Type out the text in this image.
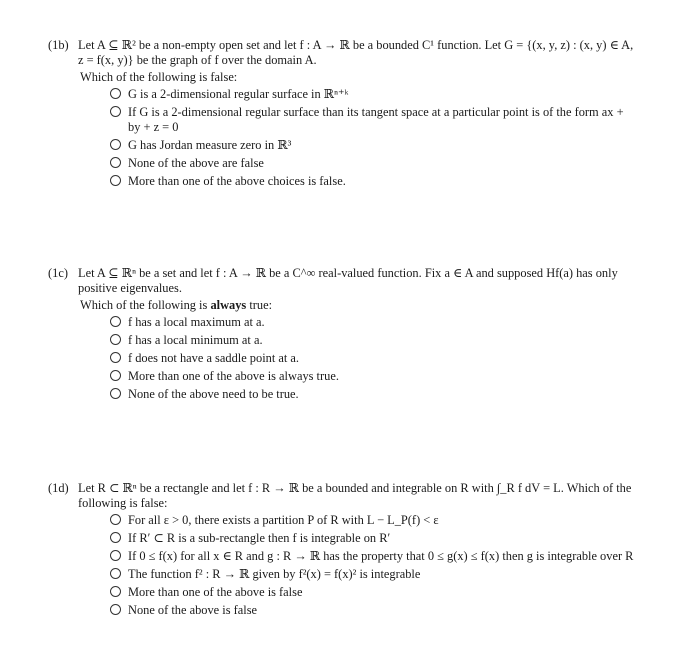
(1b) Let A ⊆ ℝ² be a non-empty open set and let f : A → ℝ be a bounded C¹ function. Let G = {(x, y, z) : (x, y) ∈ A, z = f(x, y)} be the graph of f over the domain A.
Which of the following is false:
G is a 2-dimensional regular surface in ℝⁿ⁺ᵏ
If G is a 2-dimensional regular surface than its tangent space at a particular point is of the form ax + by + z = 0
G has Jordan measure zero in ℝ³
None of the above are false
More than one of the above choices is false.
(1c) Let A ⊆ ℝⁿ be a set and let f : A → ℝ be a C^∞ real-valued function. Fix a ∈ A and supposed Hf(a) has only positive eigenvalues.
Which of the following is always true:
f has a local maximum at a.
f has a local minimum at a.
f does not have a saddle point at a.
More than one of the above is always true.
None of the above need to be true.
(1d) Let R ⊂ ℝⁿ be a rectangle and let f : R → ℝ be a bounded and integrable on R with ∫_R f dV = L. Which of the following is false:
For all ε > 0, there exists a partition P of R with L − L_P(f) < ε
If R′ ⊂ R is a sub-rectangle then f is integrable on R′
If 0 ≤ f(x) for all x ∈ R and g : R → ℝ has the property that 0 ≤ g(x) ≤ f(x) then g is integrable over R
The function f² : R → ℝ given by f²(x) = f(x)² is integrable
More than one of the above is false
None of the above is false
